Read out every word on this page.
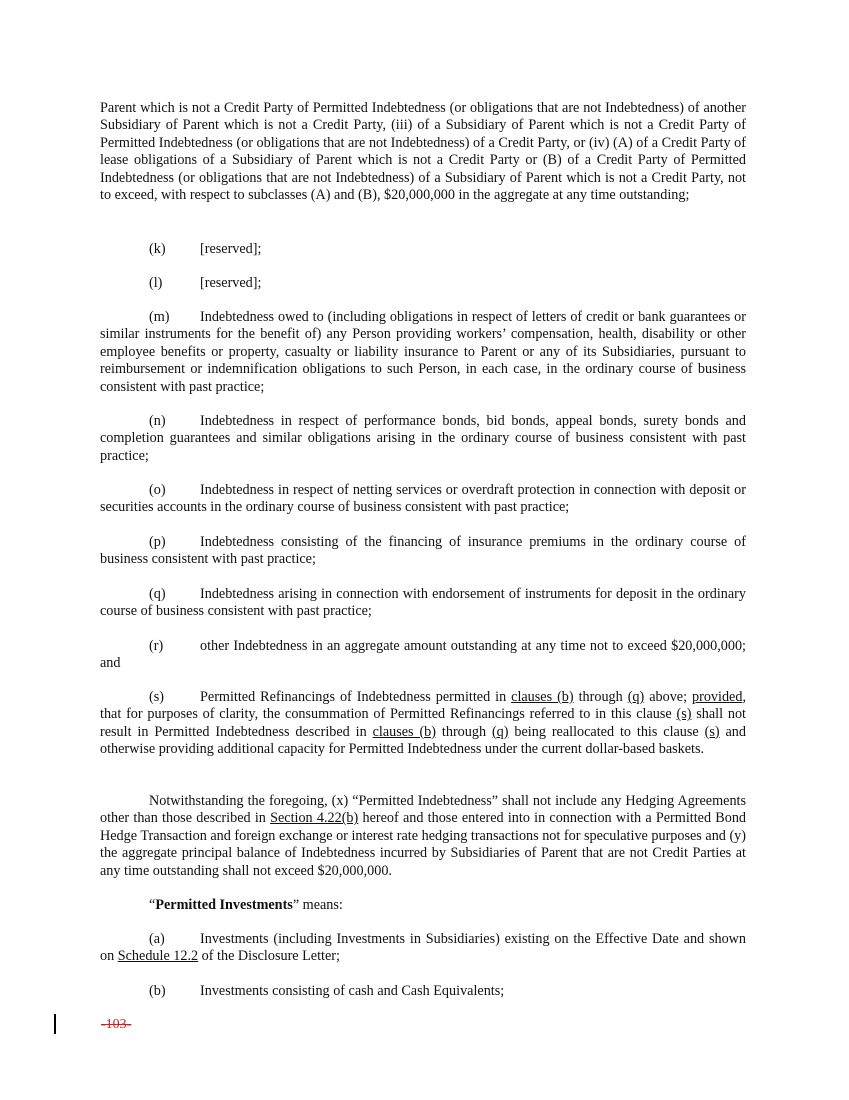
Parent which is not a Credit Party of Permitted Indebtedness (or obligations that are not Indebtedness) of another Subsidiary of Parent which is not a Credit Party, (iii) of a Subsidiary of Parent which is not a Credit Party of Permitted Indebtedness (or obligations that are not Indebtedness) of a Credit Party, or (iv) (A) of a Credit Party of lease obligations of a Subsidiary of Parent which is not a Credit Party or (B) of a Credit Party of Permitted Indebtedness (or obligations that are not Indebtedness) of a Subsidiary of Parent which is not a Credit Party, not to exceed, with respect to subclasses (A) and (B), $20,000,000 in the aggregate at any time outstanding;

(k) [reserved];

(l)	[reserved];

(m) Indebtedness owed to (including obligations in respect of letters of credit or bank guarantees or similar instruments for the benefit of) any Person providing workers’ compensation, health, disability or other employee benefits or property, casualty or liability insurance to Parent or any of its Subsidiaries, pursuant to reimbursement or indemnification obligations to such Person, in each case, in the ordinary course of business consistent with past practice;

(n) Indebtedness in respect of performance bonds, bid bonds, appeal bonds, surety bonds and completion guarantees and similar obligations arising in the ordinary course of business consistent with past practice;

(o) Indebtedness in respect of netting services or overdraft protection in connection with deposit or securities accounts in the ordinary course of business consistent with past practice;

(p) Indebtedness consisting of the financing of insurance premiums in the ordinary course of business consistent with past practice;

(q) Indebtedness arising in connection with endorsement of instruments for deposit in the ordinary course of business consistent with past practice;

(r)	other Indebtedness in an aggregate amount outstanding at any time not to exceed $20,000,000; and

(s)	Permitted Refinancings of Indebtedness permitted in clauses (b) through (q) above; provided, that for purposes of clarity, the consummation of Permitted Refinancings referred to in this clause (s) shall not result in Permitted Indebtedness described in clauses (b) through (q) being reallocated to this clause (s) and otherwise providing additional capacity for Permitted Indebtedness under the current dollar-based baskets.

Notwithstanding the foregoing, (x) “Permitted Indebtedness” shall not include any Hedging Agreements other than those described in Section 4.22(b) hereof and those entered into in connection with a Permitted Bond Hedge Transaction and foreign exchange or interest rate hedging transactions not for speculative purposes and (y) the aggregate principal balance of Indebtedness incurred by Subsidiaries of Parent that are not Credit Parties at any time outstanding shall not exceed $20,000,000.

“Permitted Investments” means:

(a) Investments (including Investments in Subsidiaries) existing on the Effective Date and shown on Schedule 12.2 of the Disclosure Letter;

(b) Investments consisting of cash and Cash Equivalents;

-103-
